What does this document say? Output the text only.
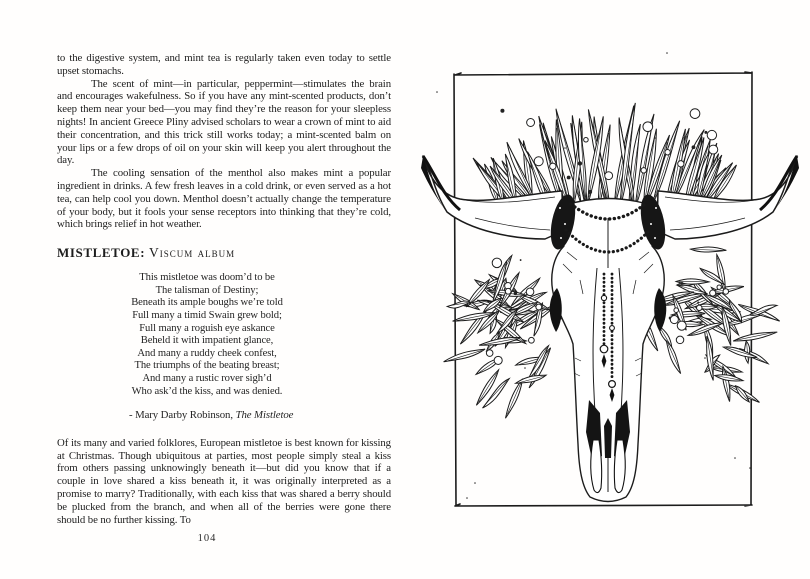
to the digestive system, and mint tea is regularly taken even today to settle upset stomachs.

The scent of mint—in particular, peppermint—stimulates the brain and encourages wakefulness. So if you have any mint-scented products, don’t keep them near your bed—you may find they’re the reason for your sleepless nights! In ancient Greece Pliny advised scholars to wear a crown of mint to aid their concentration, and this trick still works today; a mint-scented balm on your lips or a few drops of oil on your skin will keep you alert throughout the day.

The cooling sensation of the menthol also makes mint a popular ingredient in drinks. A few fresh leaves in a cold drink, or even served as a hot tea, can help cool you down. Menthol doesn’t actually change the temperature of your body, but it fools your sense receptors into thinking that they’re cold, which brings relief in hot weather.

MISTLETOE: Viscum album
This mistletoe was doom’d to be
The talisman of Destiny;
Beneath its ample boughs we’re told
Full many a timid Swain grew bold;
Full many a roguish eye askance
Beheld it with impatient glance,
And many a ruddy cheek confest,
The triumphs of the beating breast;
And many a rustic rover sigh’d
Who ask’d the kiss, and was denied.
- Mary Darby Robinson, The Mistletoe

Of its many and varied folklores, European mistletoe is best known for kissing at Christmas. Though ubiquitous at parties, most people simply steal a kiss from others passing unknowingly beneath it—but did you know that if a couple in love shared a kiss beneath it, it was originally interpreted as a promise to marry? Traditionally, with each kiss that was shared a berry should be plucked from the branch, and when all of the berries were gone there should be no further kissing. To

104
